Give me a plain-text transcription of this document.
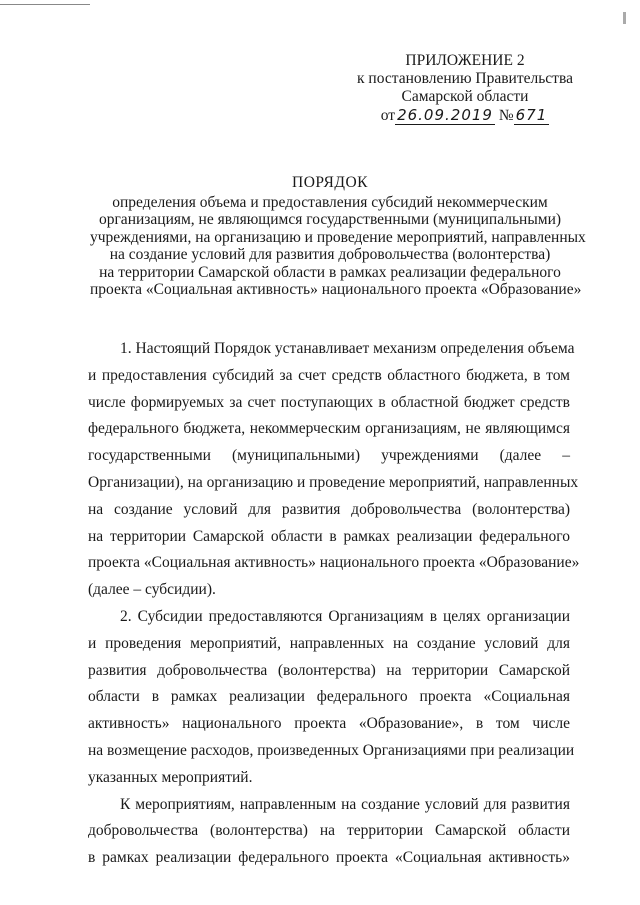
ПРИЛОЖЕНИЕ 2
к постановлению Правительства
Самарской области
от 26.09.2019 № 671
ПОРЯДОК
определения объема и предоставления субсидий некоммерческим
организациям, не являющимся государственными (муниципальными)
учреждениями, на организацию и проведение мероприятий, направленных
на создание условий для развития добровольчества (волонтерства)
на территории Самарской области в рамках реализации федерального
проекта «Социальная активность» национального проекта «Образование»
1. Настоящий Порядок устанавливает механизм определения объема
и предоставления субсидий за счет средств областного бюджета, в том
числе формируемых за счет поступающих в областной бюджет средств
федерального бюджета, некоммерческим организациям, не являющимся
государственными (муниципальными) учреждениями (далее –
Организации), на организацию и проведение мероприятий, направленных
на создание условий для развития добровольчества (волонтерства)
на территории Самарской области в рамках реализации федерального
проекта «Социальная активность» национального проекта «Образование»
(далее – субсидии).
2. Субсидии предоставляются Организациям в целях организации
и проведения мероприятий, направленных на создание условий для
развития добровольчества (волонтерства) на территории Самарской
области в рамках реализации федерального проекта «Социальная
активность» национального проекта «Образование», в том числе
на возмещение расходов, произведенных Организациями при реализации
указанных мероприятий.
К мероприятиям, направленным на создание условий для развития
добровольчества (волонтерства) на территории Самарской области
в рамках реализации федерального проекта «Социальная активность»
